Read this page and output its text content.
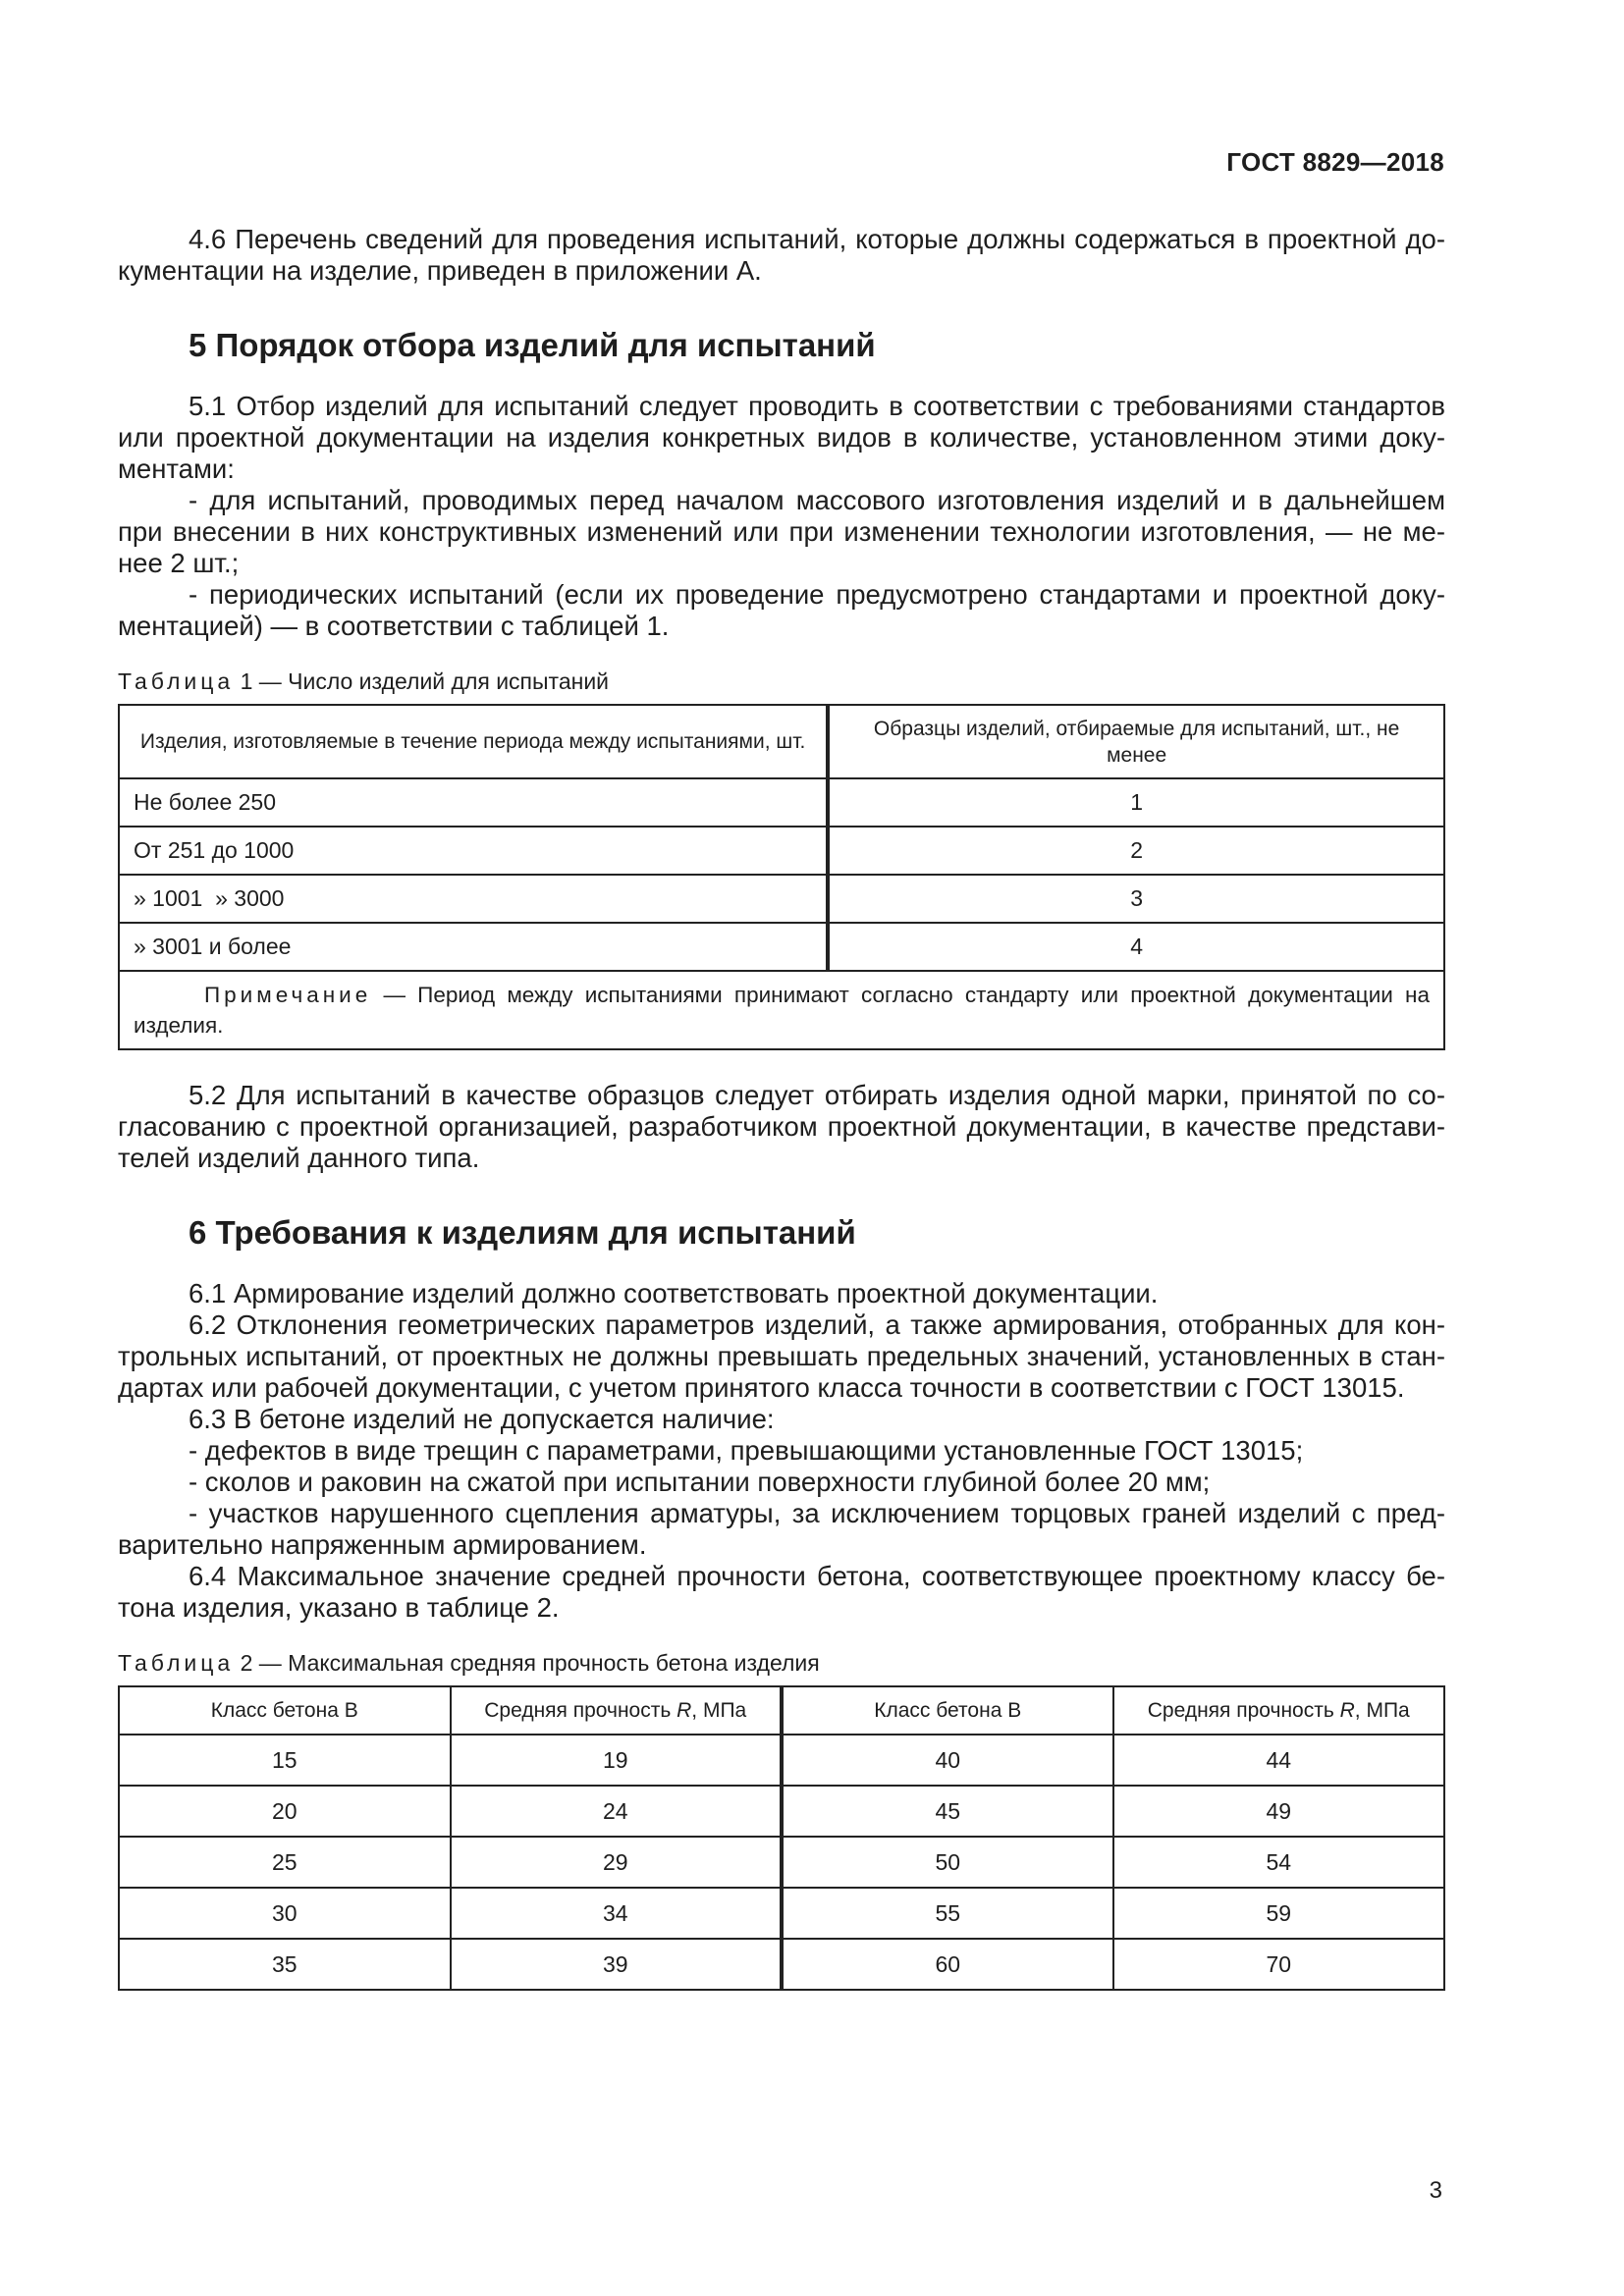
ГОСТ 8829—2018

4.6 Перечень сведений для проведения испытаний, которые должны содержаться в проектной документации на изделие, приведен в приложении А.

5 Порядок отбора изделий для испытаний

5.1 Отбор изделий для испытаний следует проводить в соответствии с требованиями стандартов или проектной документации на изделия конкретных видов в количестве, установленном этими документами:

- для испытаний, проводимых перед началом массового изготовления изделий и в дальнейшем при внесении в них конструктивных изменений или при изменении технологии изготовления, — не менее 2 шт.;

- периодических испытаний (если их проведение предусмотрено стандартами и проектной документацией) — в соответствии с таблицей 1.

Таблица 1 — Число изделий для испытаний
Изделия, изготовляемые в течение периода между испытаниями, шт.	Образцы изделий, отбираемые для испытаний, шт., не менее
Не более 250	1
От 251 до 1000	2
» 1001  » 3000	3
» 3001 и более	4
Примечание — Период между испытаниями принимают согласно стандарту или проектной документации на изделия.	

5.2 Для испытаний в качестве образцов следует отбирать изделия одной марки, принятой по согласованию с проектной организацией, разработчиком проектной документации, в качестве представителей изделий данного типа.

6 Требования к изделиям для испытаний

6.1 Армирование изделий должно соответствовать проектной документации.

6.2 Отклонения геометрических параметров изделий, а также армирования, отобранных для контрольных испытаний, от проектных не должны превышать предельных значений, установленных в стандартах или рабочей документации, с учетом принятого класса точности в соответствии с ГОСТ 13015.

6.3 В бетоне изделий не допускается наличие:

- дефектов в виде трещин с параметрами, превышающими установленные ГОСТ 13015;

- сколов и раковин на сжатой при испытании поверхности глубиной более 20 мм;

- участков нарушенного сцепления арматуры, за исключением торцовых граней изделий с предварительно напряженным армированием.

6.4 Максимальное значение средней прочности бетона, соответствующее проектному классу бетона изделия, указано в таблице 2.

Таблица 2 — Максимальная средняя прочность бетона изделия
Класс бетона В	Средняя прочность R, МПа	Класс бетона В	Средняя прочность R, МПа
15	19	40	44
20	24	45	49
25	29	50	54
30	34	55	59
35	39	60	70
3
